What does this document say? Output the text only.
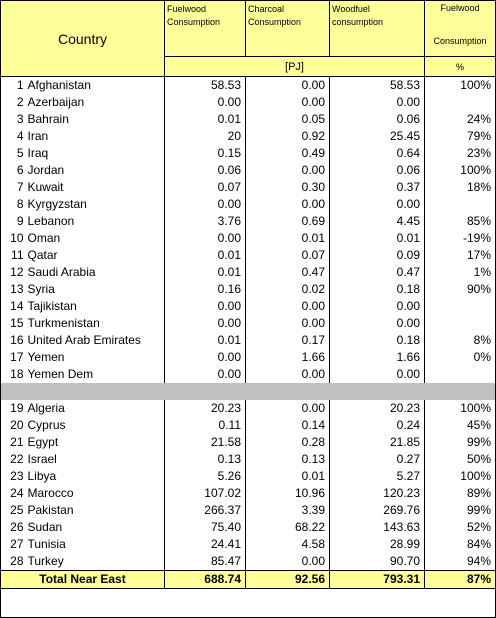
Country		Fuelwood Consumption	Charcoal Consumption	Woodfuel consumption	Fuelwood
Consumption

		[PJ]			%
1	Afghanistan	58.53	0.00	58.53	100%
2	Azerbaijan	0.00	0.00	0.00	
3	Bahrain	0.01	0.05	0.06	24%
4	Iran	20	0.92	25.45	79%
5	Iraq	0.15	0.49	0.64	23%
6	Jordan	0.06	0.00	0.06	100%
7	Kuwait	0.07	0.30	0.37	18%
8	Kyrgyzstan	0.00	0.00	0.00	
9	Lebanon	3.76	0.69	4.45	85%
10	Oman	0.00	0.01	0.01	-19%
11	Qatar	0.01	0.07	0.09	17%
12	Saudi Arabia	0.01	0.47	0.47	1%
13	Syria	0.16	0.02	0.18	90%
14	Tajikistan	0.00	0.00	0.00	
15	Turkmenistan	0.00	0.00	0.00	
16	United Arab Emirates	0.01	0.17	0.18	8%
17	Yemen	0.00	1.66	1.66	0%
18	Yemen Dem	0.00	0.00	0.00	

19	Algeria	20.23	0.00	20.23	100%
20	Cyprus	0.11	0.14	0.24	45%
21	Egypt	21.58	0.28	21.85	99%
22	Israel	0.13	0.13	0.27	50%
23	Libya	5.26	0.01	5.27	100%
24	Marocco	107.02	10.96	120.23	89%
25	Pakistan	266.37	3.39	269.76	99%
26	Sudan	75.40	68.22	143.63	52%
27	Tunisia	24.41	4.58	28.99	84%
28	Turkey	85.47	0.00	90.70	94%
Total Near East		688.74	92.56	793.31	87%
